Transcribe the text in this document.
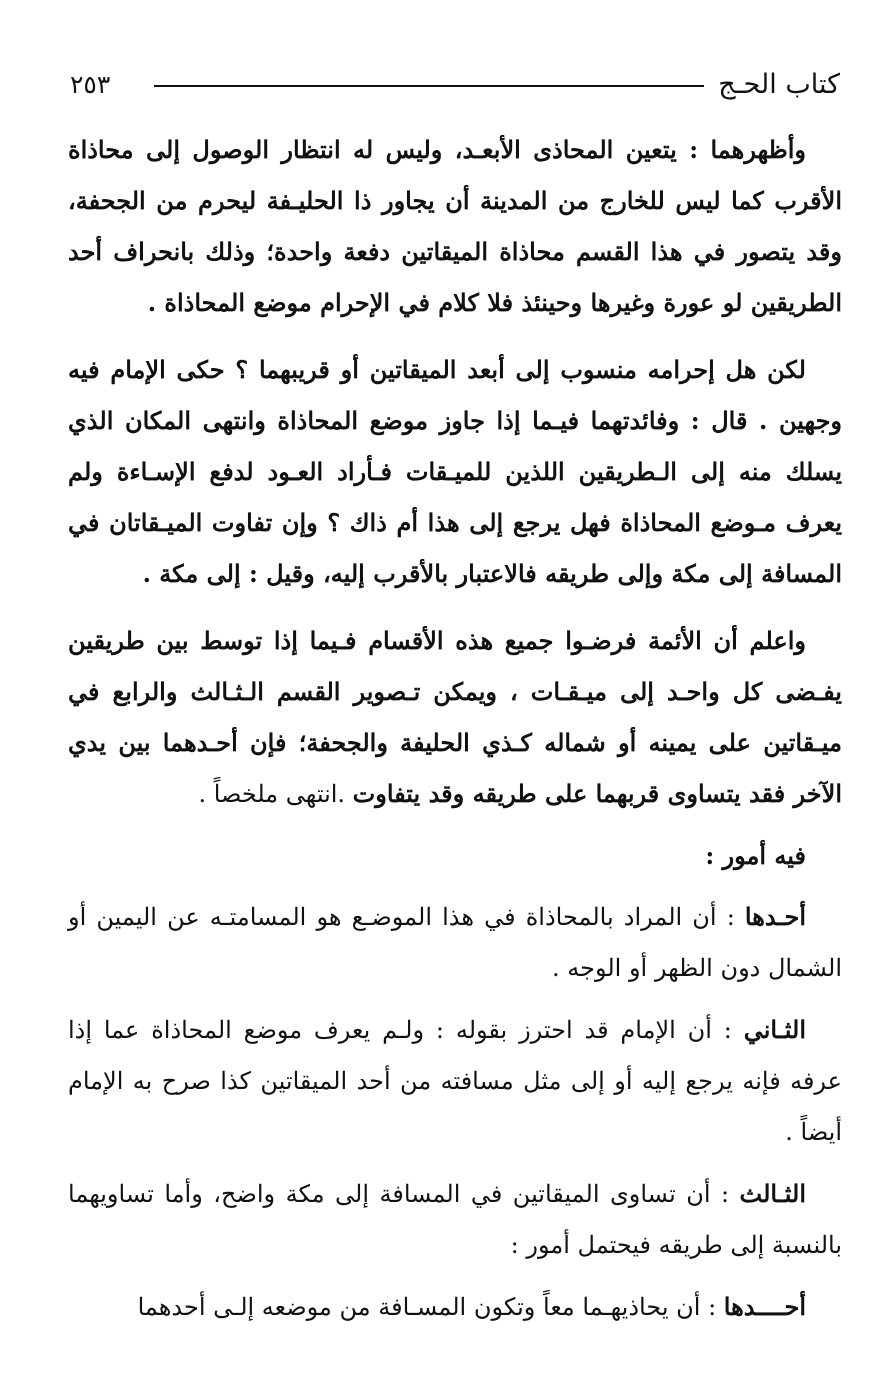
٢٥٣	كتاب الحـج

وأظهرهما : يتعين المحاذى الأبعـد، وليس له انتظار الوصول إلى محاذاة الأقرب كما ليس للخارج من المدينة أن يجاور ذا الحليـفة ليحرم من الجحفة، وقد يتصور في هذا القسم محاذاة الميقاتين دفعة واحدة؛ وذلك بانحراف أحد الطريقين لو عورة وغيرها وحينئذ فلا كلام في الإحرام موضع المحاذاة .

لكن هل إحرامه منسوب إلى أبعد الميقاتين أو قريبهما ؟ حكى الإمام فيه وجهين . قال : وفائدتهما فيـما إذا جاوز موضع المحاذاة وانتهى المكان الذي يسلك منه إلى الـطريقين اللذين للميـقات فـأراد العـود لدفع الإسـاءة ولم يعرف مـوضع المحاذاة فهل يرجع إلى هذا أم ذاك ؟ وإن تفاوت الميـقاتان في المسافة إلى مكة وإلى طريقه فالاعتبار بالأقرب إليه، وقيل : إلى مكة .

واعلم أن الأئمة فرضـوا جميع هذه الأقسام فـيما إذا توسط بين طريقين يفـضى كل واحـد إلى ميـقـات ، ويمكن تـصوير القسم الـثـالث والرابع في ميـقاتين على يمينه أو شماله كـذي الحليفة والجحفة؛ فإن أحـدهما بين يدي الآخر فقد يتساوى قربهما على طريقه وقد يتفاوت .انتهى ملخصاً .

فيه أمور :

أحـدها : أن المراد بالمحاذاة في هذا الموضـع هو المسامتـه عن اليمين أو الشمال دون الظهر أو الوجه .

الثـاني : أن الإمام قد احترز بقوله : ولـم يعرف موضع المحاذاة عما إذا عرفه فإنه يرجع إليه أو إلى مثل مسافته من أحد الميقاتين كذا صرح به الإمام أيضاً .

الثـالث : أن تساوى الميقاتين في المسافة إلى مكة واضح، وأما تساويهما بالنسبة إلى طريقه فيحتمل أمور :

أحــــدها : أن يحاذيهـما معاً وتكون المسـافة من موضعه إلـى أحدهما
